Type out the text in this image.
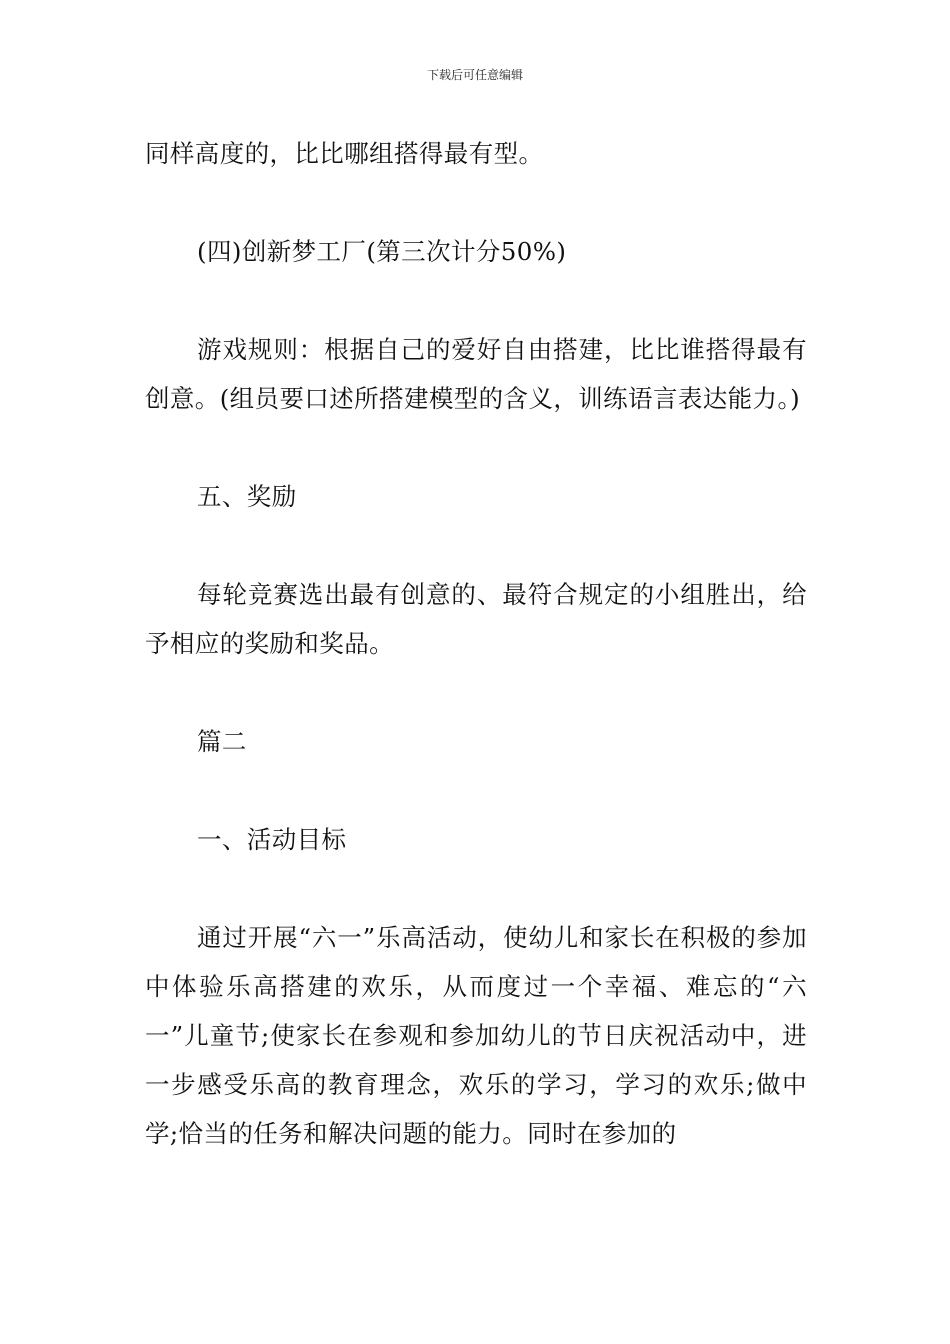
下载后可任意编辑

同样高度的，比比哪组搭得最有型。

(四)创新梦工厂(第三次计分50%)

游戏规则：根据自己的爱好自由搭建，比比谁搭得最有创意。(组员要口述所搭建模型的含义，训练语言表达能力。)

五、奖励

每轮竞赛选出最有创意的、最符合规定的小组胜出，给予相应的奖励和奖品。

篇二

一、活动目标

通过开展“六一”乐高活动，使幼儿和家长在积极的参加中体验乐高搭建的欢乐，从而度过一个幸福、难忘的“六一”儿童节;使家长在参观和参加幼儿的节日庆祝活动中，进一步感受乐高的教育理念，欢乐的学习，学习的欢乐;做中学;恰当的任务和解决问题的能力。同时在参加的
